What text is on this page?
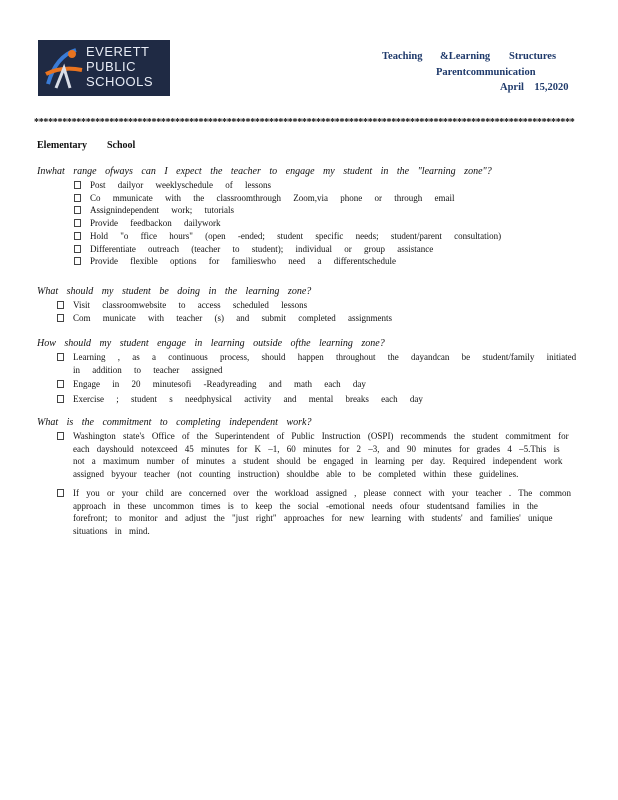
EVERETT
PUBLIC
SCHOOLS
Teaching &Learning Structures
Parentcommunication
April    15,2020
*******************************************************************************************************************
Elementary        School
Inwhat range ofways can I expect the teacher to engage my student in the "learning zone"?
Post dailyor weeklyschedule of lessons
Co mmunicate with the classroomthrough Zoom,via phone or through email
Assignindependent work; tutorials
Provide feedbackon dailywork
Hold "o ffice hours" (open -ended; student specific needs; student/parent consultation)
Differentiate outreach (teacher to student); individual or group assistance
Provide flexible options for familieswho need a differentschedule
What should my student be doing in the learning zone?
Visit classroomwebsite to access scheduled lessons
Com municate with teacher (s) and submit completed assignments
How should my student engage in learning outside ofthe learning zone?
Learning , as a continuous process, should happen throughout the dayandcan be student/family initiated in addition to teacher assigned
Engage in 20 minutesofi -Readyreading and math each day
Exercise ; student s needphysical activity and mental breaks each day
What is the commitment to completing independent work?
Washington state's Office of the Superintendent of Public Instruction (OSPI) recommends the student commitment for each dayshould notexceed 45 minutes for K –1, 60 minutes for 2 –3, and 90 minutes for grades 4 –5.This is not a maximum number of minutes a student should be engaged in learning per day. Required independent work assigned byyour teacher (not counting instruction) shouldbe able to be completed within these guidelines.
If you or your child are concerned over the workload assigned , please connect with your teacher . The common approach in these uncommon times is to keep the social -emotional needs ofour studentsand families in the forefront; to monitor and adjust the "just right" approaches for new learning with students' and families' unique situations in mind.
